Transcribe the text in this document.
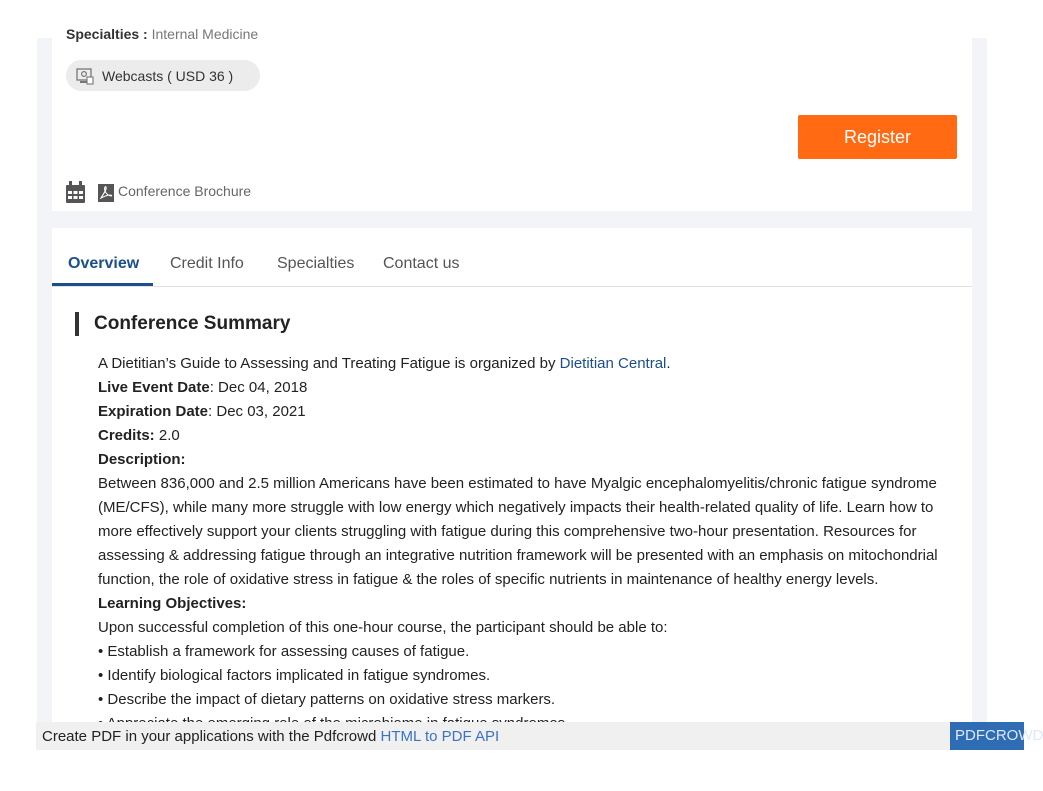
Specialties : Internal Medicine
Webcasts ( USD 36 )
Register
Conference Brochure
Overview Credit Info Specialties Contact us
Conference Summary

A Dietitian’s Guide to Assessing and Treating Fatigue is organized by Dietitian Central.

Live Event Date: Dec 04, 2018

Expiration Date: Dec 03, 2021

Credits: 2.0

Description:

Between 836,000 and 2.5 million Americans have been estimated to have Myalgic encephalomyelitis/chronic fatigue syndrome (ME/CFS), while many more struggle with low energy which negatively impacts their health-related quality of life. Learn how to more effectively support your clients struggling with fatigue during this comprehensive two-hour presentation. Resources for assessing & addressing fatigue through an integrative nutrition framework will be presented with an emphasis on mitochondrial function, the role of oxidative stress in fatigue & the roles of specific nutrients in maintenance of healthy energy levels.

Learning Objectives:

Upon successful completion of this one-hour course, the participant should be able to:

• Establish a framework for assessing causes of fatigue.

• Identify biological factors implicated in fatigue syndromes.

• Describe the impact of dietary patterns on oxidative stress markers.

Create PDF in your applications with the Pdfcrowd HTML to PDF API	PDFCROWD
